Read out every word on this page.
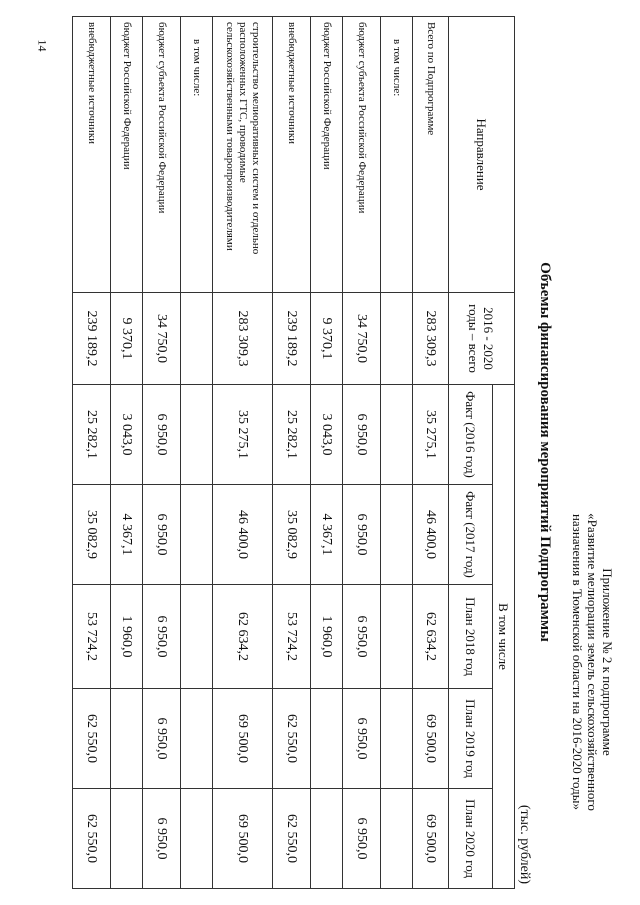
14
Приложение № 2 к подпрограмме
«Развитие мелиорации земель сельскохозяйственного
назначения в Тюменской области на 2016-2020 годы»
Объемы финансирования мероприятий Подпрограммы
(тыс. рублей)
Направление	2016 - 2020 годы – всего	В том числе				
		Факт (2016 год)	Факт (2017 год)	План 2018 год	План 2019 год	План 2020 год
Всего по Подпрограмме	283 309,3	35 275,1	46 400,0	62 634,2	69 500,0	69 500,0
в том числе:						
бюджет субъекта Российской Федерации	34 750,0	6 950,0	6 950,0	6 950,0	6 950,0	6 950,0
бюджет Российской Федерации	9 370,1	3 043,0	4 367,1	1 960,0		
внебюджетные источники	239 189,2	25 282,1	35 082,9	53 724,2	62 550,0	62 550,0
строительство мелиоративных систем и отдельно расположенных ГТС, проводимые сельскохозяйственными товаропроизводителями	283 309,3	35 275,1	46 400,0	62 634,2	69 500,0	69 500,0
в том числе:						
бюджет субъекта Российской Федерации	34 750,0	6 950,0	6 950,0	6 950,0	6 950,0	6 950,0
бюджет Российской Федерации	9 370,1	3 043,0	4 367,1	1 960,0		
внебюджетные источники	239 189,2	25 282,1	35 082,9	53 724,2	62 550,0	62 550,0
